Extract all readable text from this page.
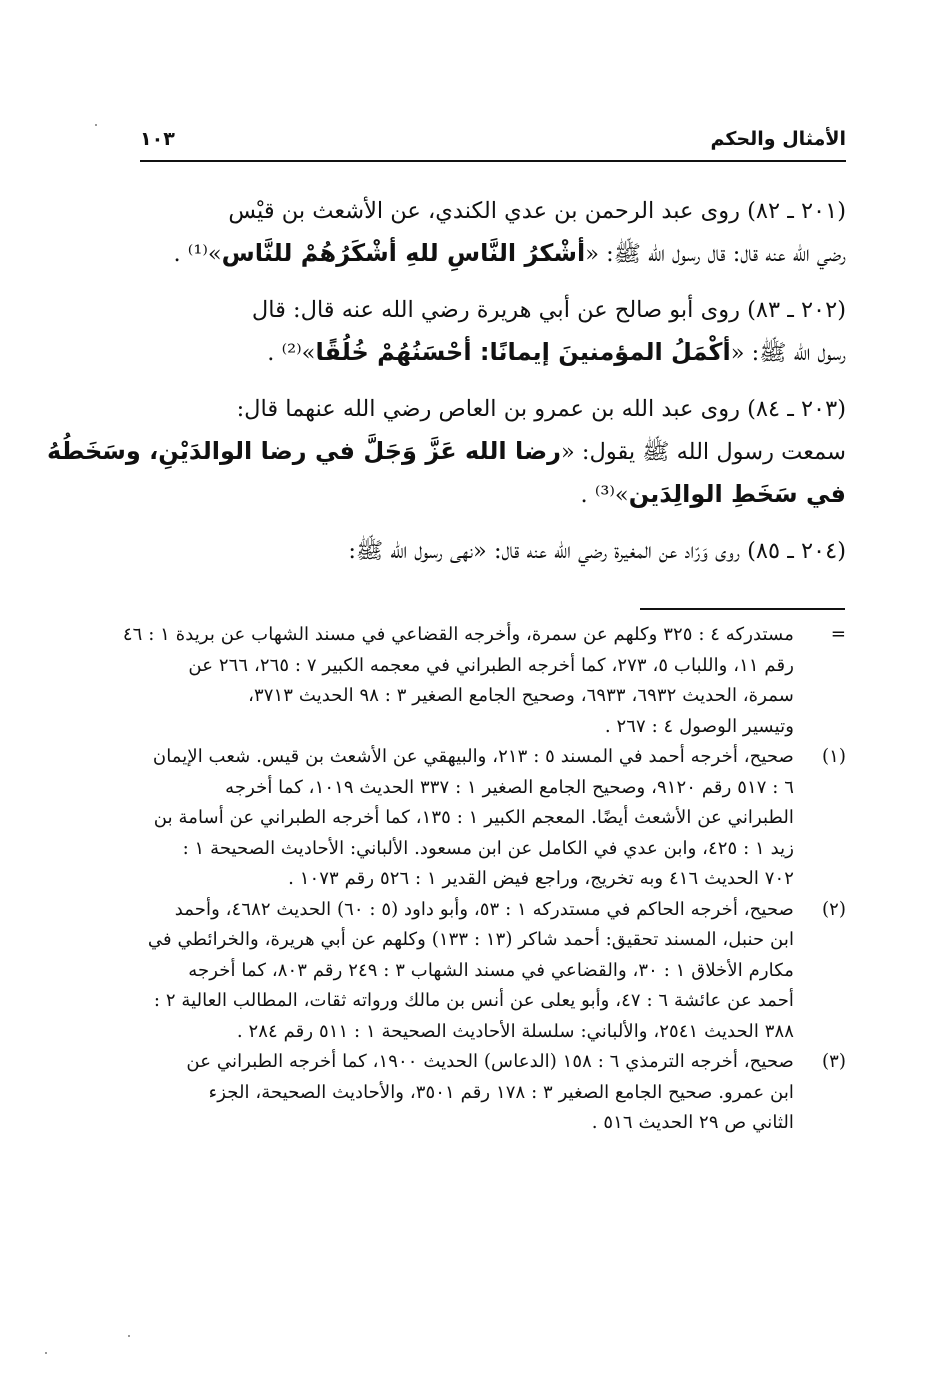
الأمثال والحكم
١٠٣
(٢٠١ ـ ٨٢) روى عبد الرحمن بن عدي الكندي، عن الأشعث بن قيْس
رضي الله عنه قال: قال رسول الله ﷺ: «أشْكرُ النَّاسِ للهِ أشْكَرُهُمْ للنَّاس»⁽¹⁾ .
(٢٠٢ ـ ٨٣) روى أبو صالح عن أبي هريرة رضي الله عنه قال: قال
رسول الله ﷺ: «أكْمَلُ المؤمنينَ إيمانًا: أحْسَنُهُمْ خُلُقًا»⁽²⁾ .
(٢٠٣ ـ ٨٤) روى عبد الله بن عمرو بن العاص رضي الله عنهما قال:
سمعت رسول الله ﷺ يقول: «رضا الله عَزَّ وَجَلَّ في رضا الوالدَيْنِ، وسَخَطُهُ
في سَخَطِ الوالِدَين»⁽³⁾ .
(٢٠٤ ـ ٨٥) روى وَرّاد عن المغيرة رضي الله عنه قال: «نهى رسول الله ﷺ:
=
مستدركه ٤ : ٣٢٥ وكلهم عن سمرة، وأخرجه القضاعي في مسند الشهاب عن بريدة ١ : ٤٦
رقم ١١، واللباب ٥، ٢٧٣، كما أخرجه الطبراني في معجمه الكبير ٧ : ٢٦٥، ٢٦٦ عن
سمرة، الحديث ٦٩٣٢، ٦٩٣٣، وصحيح الجامع الصغير ٣ : ٩٨ الحديث ٣٧١٣،
وتيسير الوصول ٤ : ٢٦٧ .
(١)
صحيح، أخرجه أحمد في المسند ٥ : ٢١٣، والبيهقي عن الأشعث بن قيس. شعب الإيمان
٦ : ٥١٧ رقم ٩١٢٠، وصحيح الجامع الصغير ١ : ٣٣٧ الحديث ١٠١٩، كما أخرجه
الطبراني عن الأشعث أيضًا. المعجم الكبير ١ : ١٣٥، كما أخرجه الطبراني عن أسامة بن
زيد ١ : ٤٢٥، وابن عدي في الكامل عن ابن مسعود. الألباني: الأحاديث الصحيحة ١ :
٧٠٢ الحديث ٤١٦ وبه تخريج، وراجع فيض القدير ١ : ٥٢٦ رقم ١٠٧٣ .
(٢)
صحيح، أخرجه الحاكم في مستدركه ١ : ٥٣، وأبو داود (٥ : ٦٠) الحديث ٤٦٨٢، وأحمد
ابن حنبل، المسند تحقيق: أحمد شاكر (١٣ : ١٣٣) وكلهم عن أبي هريرة، والخرائطي في
مكارم الأخلاق ١ : ٣٠، والقضاعي في مسند الشهاب ٣ : ٢٤٩ رقم ٨٠٣، كما أخرجه
أحمد عن عائشة ٦ : ٤٧، وأبو يعلى عن أنس بن مالك ورواته ثقات، المطالب العالية ٢ :
٣٨٨ الحديث ٢٥٤١، والألباني: سلسلة الأحاديث الصحيحة ١ : ٥١١ رقم ٢٨٤ .
(٣)
صحيح، أخرجه الترمذي ٦ : ١٥٨ (الدعاس) الحديث ١٩٠٠، كما أخرجه الطبراني عن
ابن عمرو. صحيح الجامع الصغير ٣ : ١٧٨ رقم ٣٥٠١، والأحاديث الصحيحة، الجزء
الثاني ص ٢٩ الحديث ٥١٦ .
